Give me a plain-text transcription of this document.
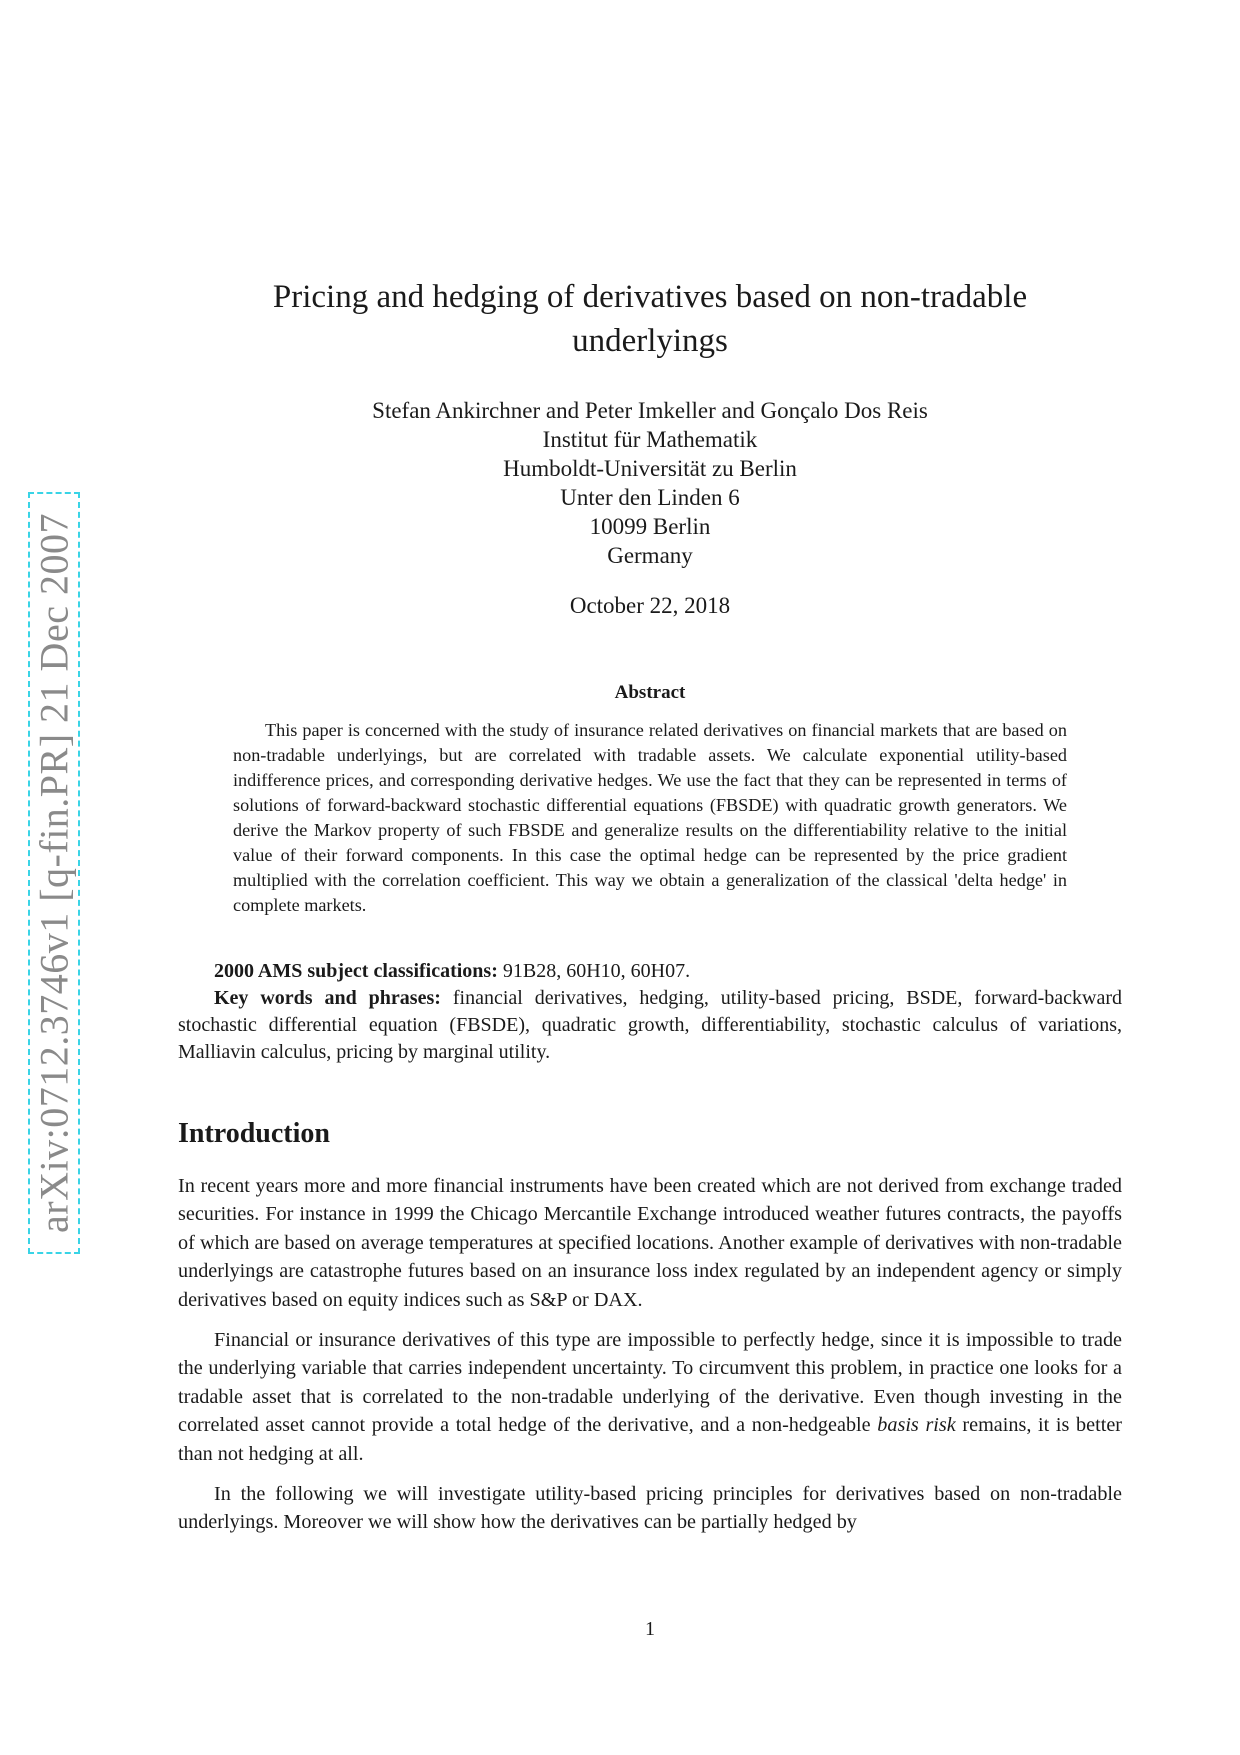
arXiv:0712.3746v1 [q-fin.PR] 21 Dec 2007
Pricing and hedging of derivatives based on non-tradable underlyings
Stefan Ankirchner and Peter Imkeller and Gonçalo Dos Reis
Institut für Mathematik
Humboldt-Universität zu Berlin
Unter den Linden 6
10099 Berlin
Germany
October 22, 2018
Abstract

This paper is concerned with the study of insurance related derivatives on financial markets that are based on non-tradable underlyings, but are correlated with tradable assets. We calculate exponential utility-based indifference prices, and corresponding derivative hedges. We use the fact that they can be represented in terms of solutions of forward-backward stochastic differential equations (FBSDE) with quadratic growth generators. We derive the Markov property of such FBSDE and generalize results on the differentiability relative to the initial value of their forward components. In this case the optimal hedge can be represented by the price gradient multiplied with the correlation coefficient. This way we obtain a generalization of the classical 'delta hedge' in complete markets.

2000 AMS subject classifications: 91B28, 60H10, 60H07.

Key words and phrases: financial derivatives, hedging, utility-based pricing, BSDE, forward-backward stochastic differential equation (FBSDE), quadratic growth, differentiability, stochastic calculus of variations, Malliavin calculus, pricing by marginal utility.

Introduction

In recent years more and more financial instruments have been created which are not derived from exchange traded securities. For instance in 1999 the Chicago Mercantile Exchange introduced weather futures contracts, the payoffs of which are based on average temperatures at specified locations. Another example of derivatives with non-tradable underlyings are catastrophe futures based on an insurance loss index regulated by an independent agency or simply derivatives based on equity indices such as S&P or DAX.

Financial or insurance derivatives of this type are impossible to perfectly hedge, since it is impossible to trade the underlying variable that carries independent uncertainty. To circumvent this problem, in practice one looks for a tradable asset that is correlated to the non-tradable underlying of the derivative. Even though investing in the correlated asset cannot provide a total hedge of the derivative, and a non-hedgeable basis risk remains, it is better than not hedging at all.

In the following we will investigate utility-based pricing principles for derivatives based on non-tradable underlyings. Moreover we will show how the derivatives can be partially hedged by

1
